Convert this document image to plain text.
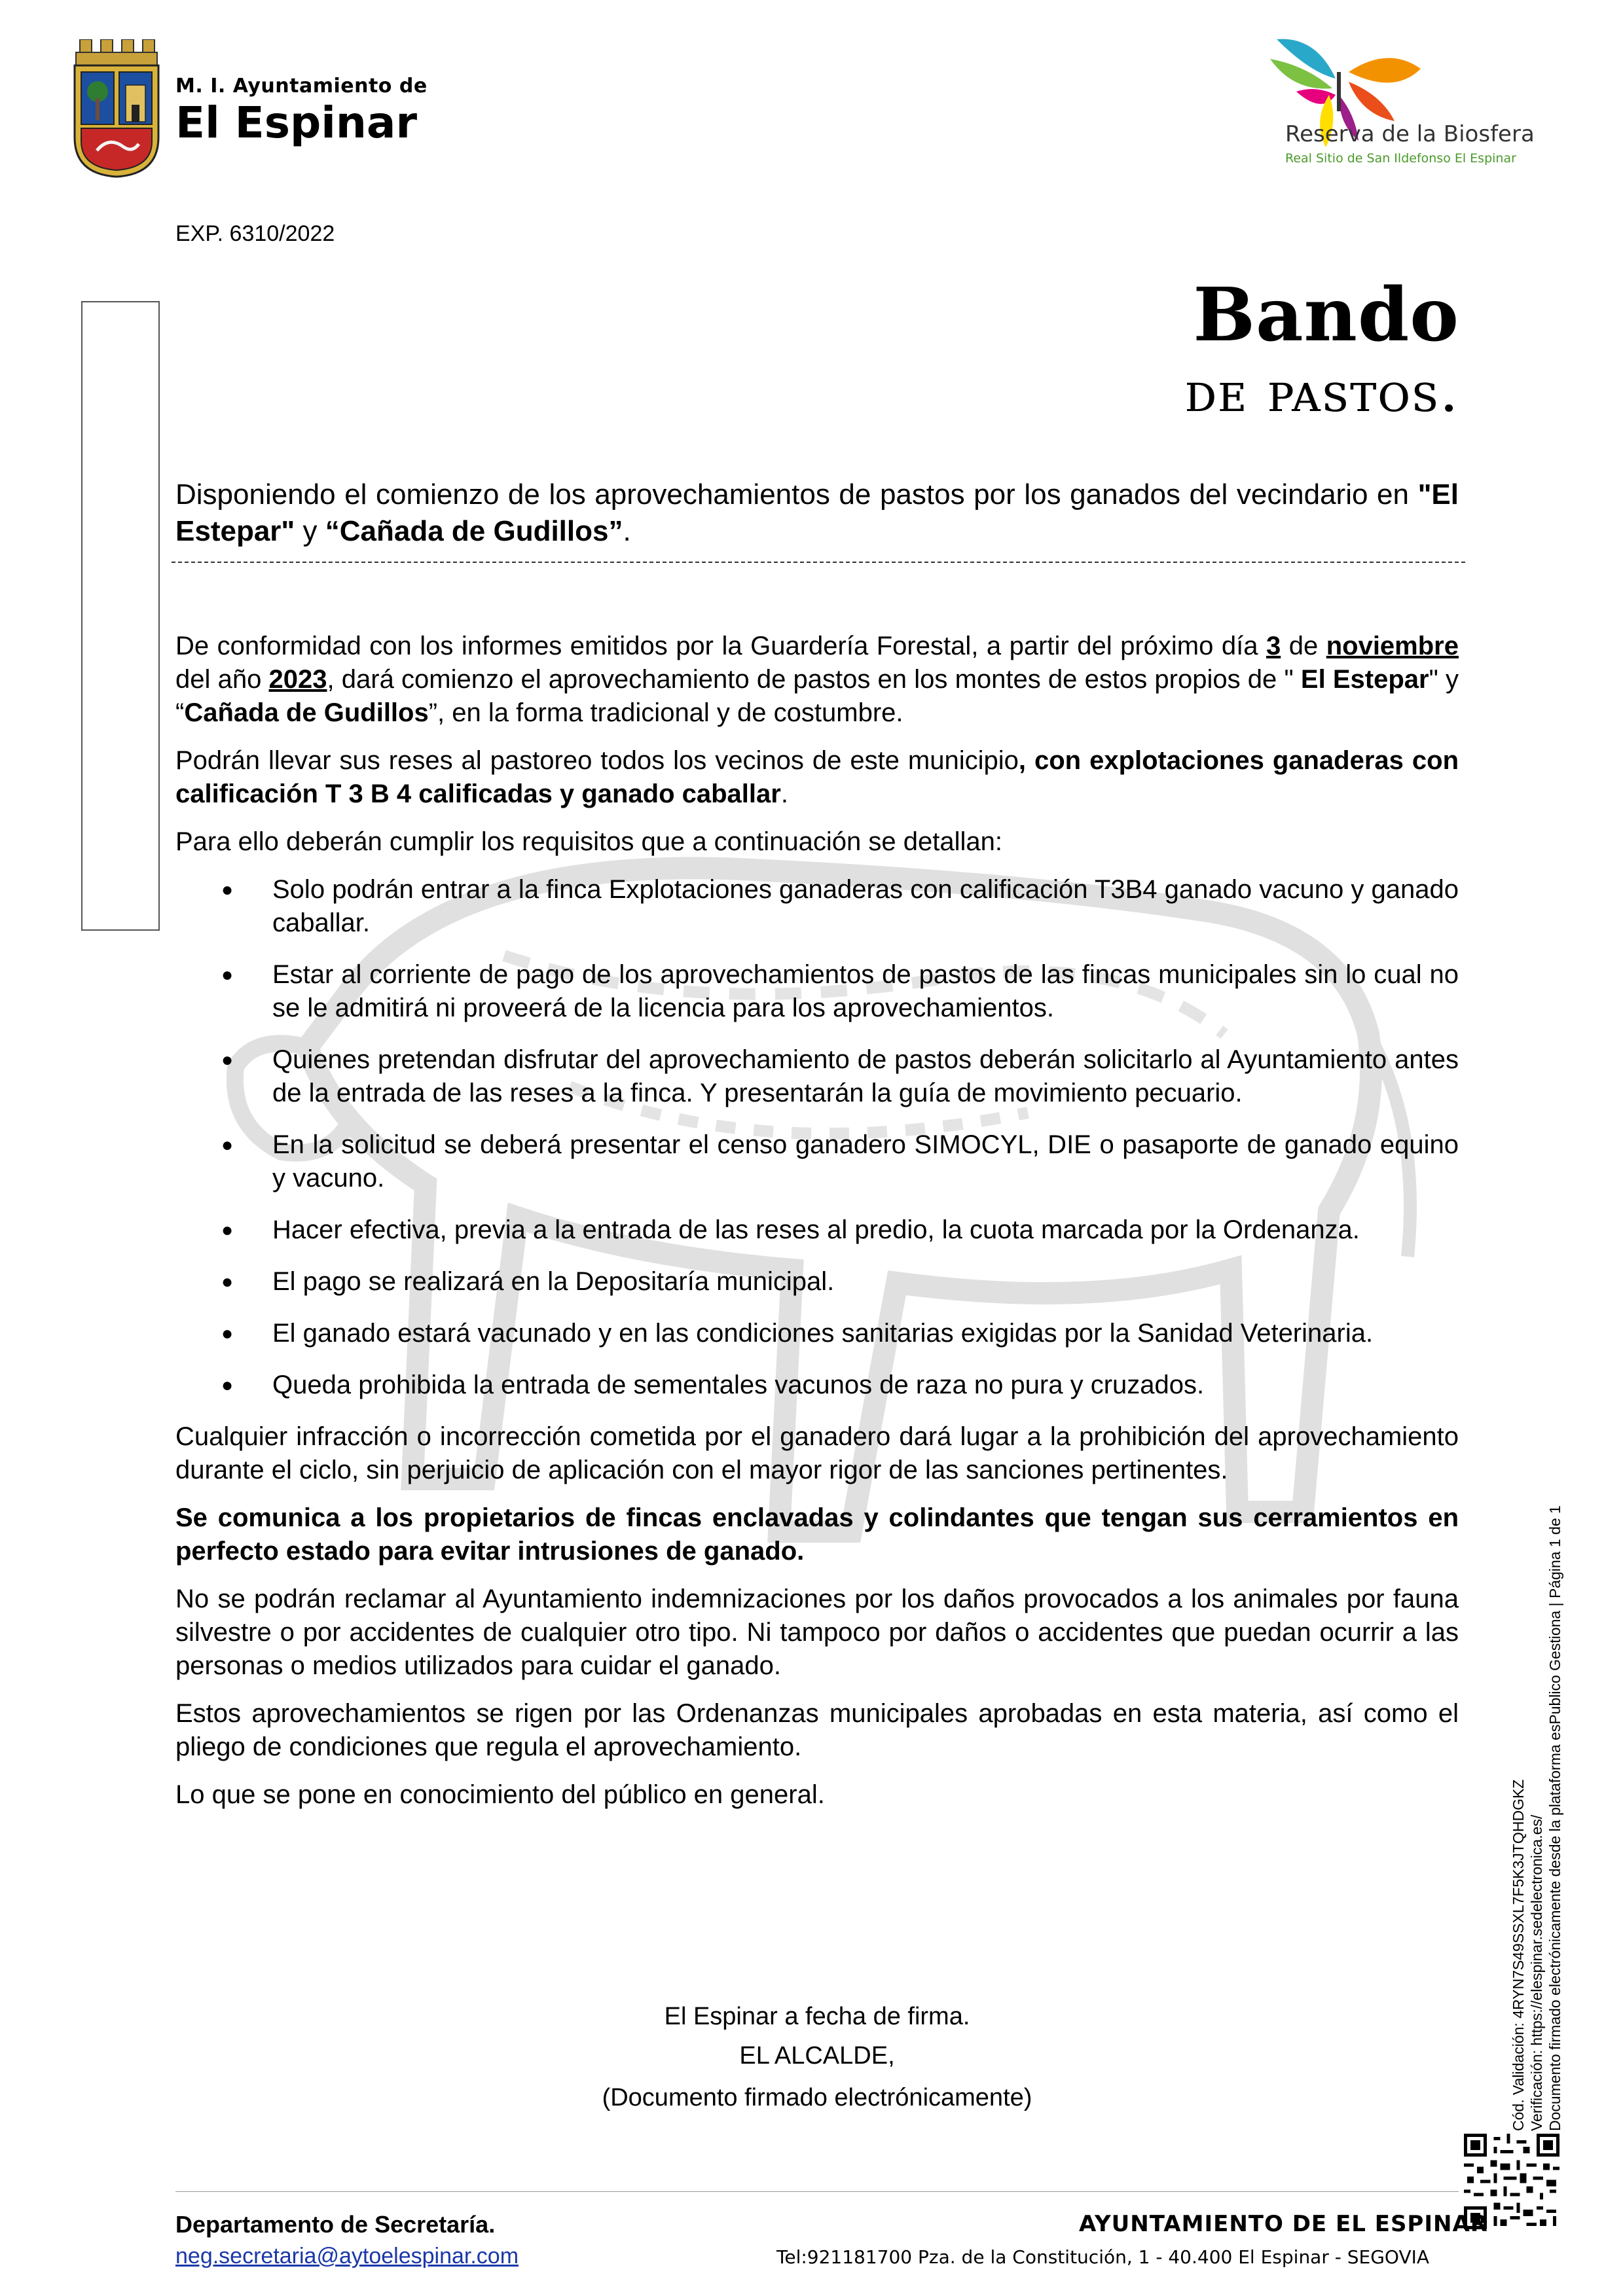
M. I. Ayuntamiento de
El Espinar	Reserva de la Biosfera
Real Sitio de San Ildefonso El Espinar
EXP. 6310/2022
Bando
de pastos.
Disponiendo el comienzo de los aprovechamientos de pastos por los ganados del vecindario en "El Estepar" y “Cañada de Gudillos”.

De conformidad con los informes emitidos por la Guardería Forestal, a partir del próximo día 3 de noviembre del año 2023, dará comienzo el aprovechamiento de pastos en los montes de estos propios de " El Estepar" y “Cañada de Gudillos”, en la forma tradicional y de costumbre.

Podrán llevar sus reses al pastoreo todos los vecinos de este municipio, con explotaciones ganaderas con calificación T 3 B 4 calificadas y ganado caballar.

Para ello deberán cumplir los requisitos que a continuación se detallan:

● Solo podrán entrar a la finca Explotaciones ganaderas con calificación T3B4 ganado vacuno y ganado caballar.
● Estar al corriente de pago de los aprovechamientos de pastos de las fincas municipales sin lo cual no se le admitirá ni proveerá de la licencia para los aprovechamientos.
● Quienes pretendan disfrutar del aprovechamiento de pastos deberán solicitarlo al Ayuntamiento antes de la entrada de las reses a la finca. Y presentarán la guía de movimiento pecuario.
● En la solicitud se deberá presentar el censo ganadero SIMOCYL, DIE o pasaporte de ganado equino y vacuno.
● Hacer efectiva, previa a la entrada de las reses al predio, la cuota marcada por la Ordenanza.
● El pago se realizará en la Depositaría municipal.
● El ganado estará vacunado y en las condiciones sanitarias exigidas por la Sanidad Veterinaria.
● Queda prohibida la entrada de sementales vacunos de raza no pura y cruzados.

Cualquier infracción o incorrección cometida por el ganadero dará lugar a la prohibición del aprovechamiento durante el ciclo, sin perjuicio de aplicación con el mayor rigor de las sanciones pertinentes.

Se comunica a los propietarios de fincas enclavadas y colindantes que tengan sus cerramientos en perfecto estado para evitar intrusiones de ganado.

No se podrán reclamar al Ayuntamiento indemnizaciones por los daños provocados a los animales por fauna silvestre o por accidentes de cualquier otro tipo. Ni tampoco por daños o accidentes que puedan ocurrir a las personas o medios utilizados para cuidar el ganado.

Estos aprovechamientos se rigen por las Ordenanzas municipales aprobadas en esta materia, así como el pliego de condiciones que regula el aprovechamiento.

Lo que se pone en conocimiento del público en general.

El Espinar a fecha de firma.
EL ALCALDE,
(Documento firmado electrónicamente)	Cód. Validación: 4RYN7S49SSXL7F5K3JTQHDGKZ Verificación: https://elespinar.sedelectronica.es/ Documento firmado electrónicamente desde la plataforma esPublico Gestiona | Página 1 de 1
Departamento de Secretaría.
neg.secretaria@aytoelespinar.com
AYUNTAMIENTO DE EL ESPINAR
Tel:921181700 Pza. de la Constitución, 1 - 40.400 El Espinar - SEGOVIA
